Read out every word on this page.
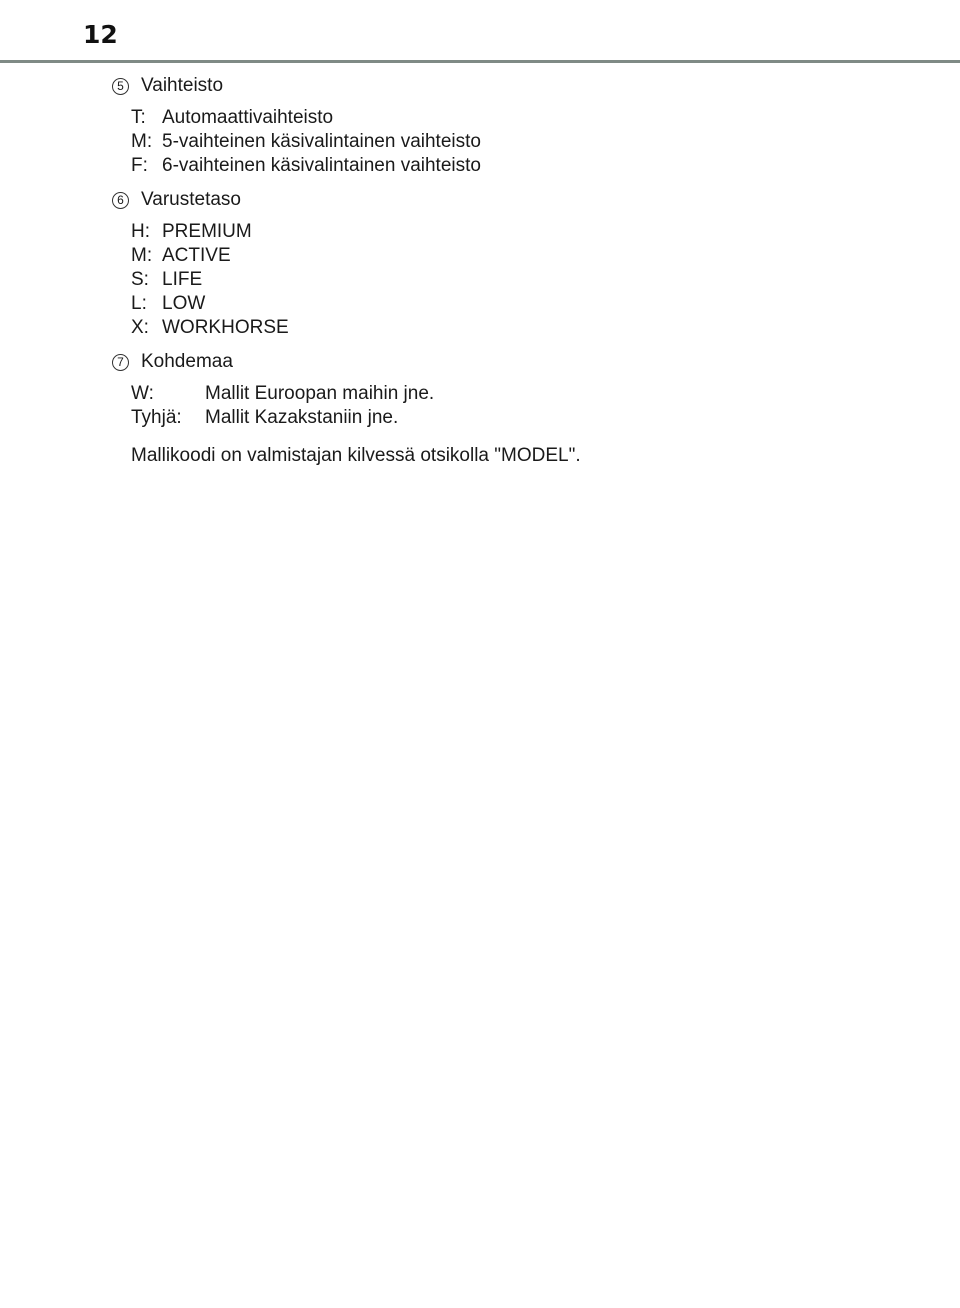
12
5 Vaihteisto
T: Automaattivaihteisto
M: 5-vaihteinen käsivalintainen vaihteisto
F: 6-vaihteinen käsivalintainen vaihteisto
6 Varustetaso
H: PREMIUM
M: ACTIVE
S: LIFE
L: LOW
X: WORKHORSE
7 Kohdemaa
W:	Mallit Euroopan maihin jne.
Tyhjä:	Mallit Kazakstaniin jne.
Mallikoodi on valmistajan kilvessä otsikolla "MODEL".
